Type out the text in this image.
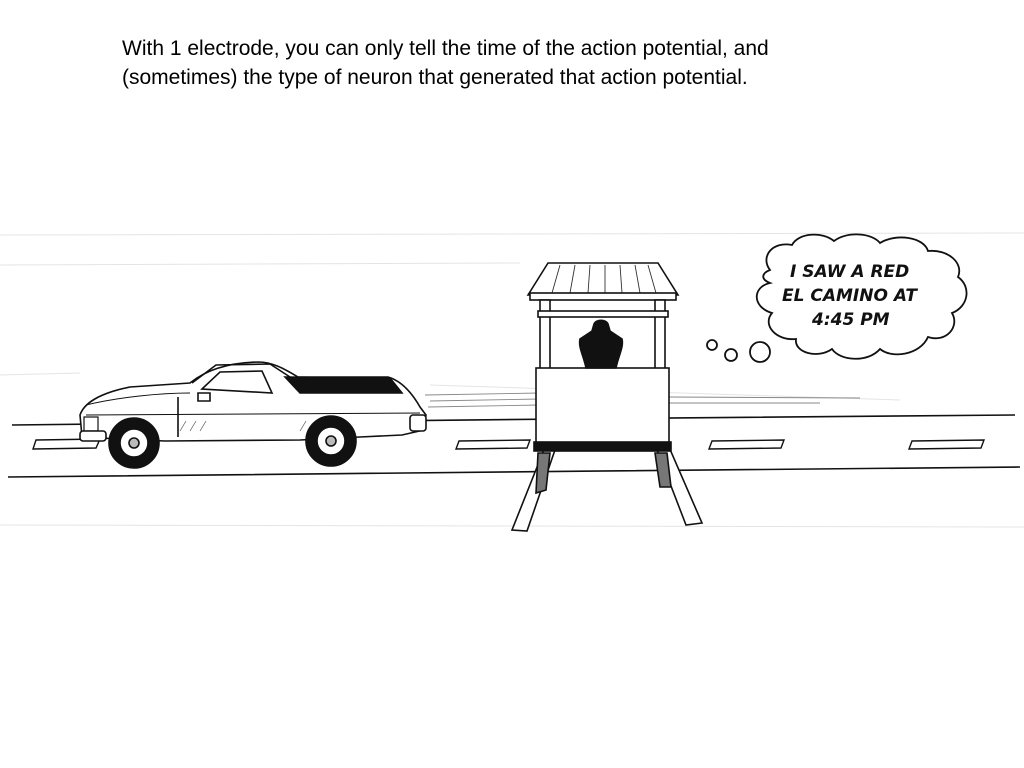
With 1 electrode, you can only tell the time of the action potential, and
(sometimes) the type of neuron that generated that action potential.
I SAW A RED
EL CAMINO AT
4:45 PM
